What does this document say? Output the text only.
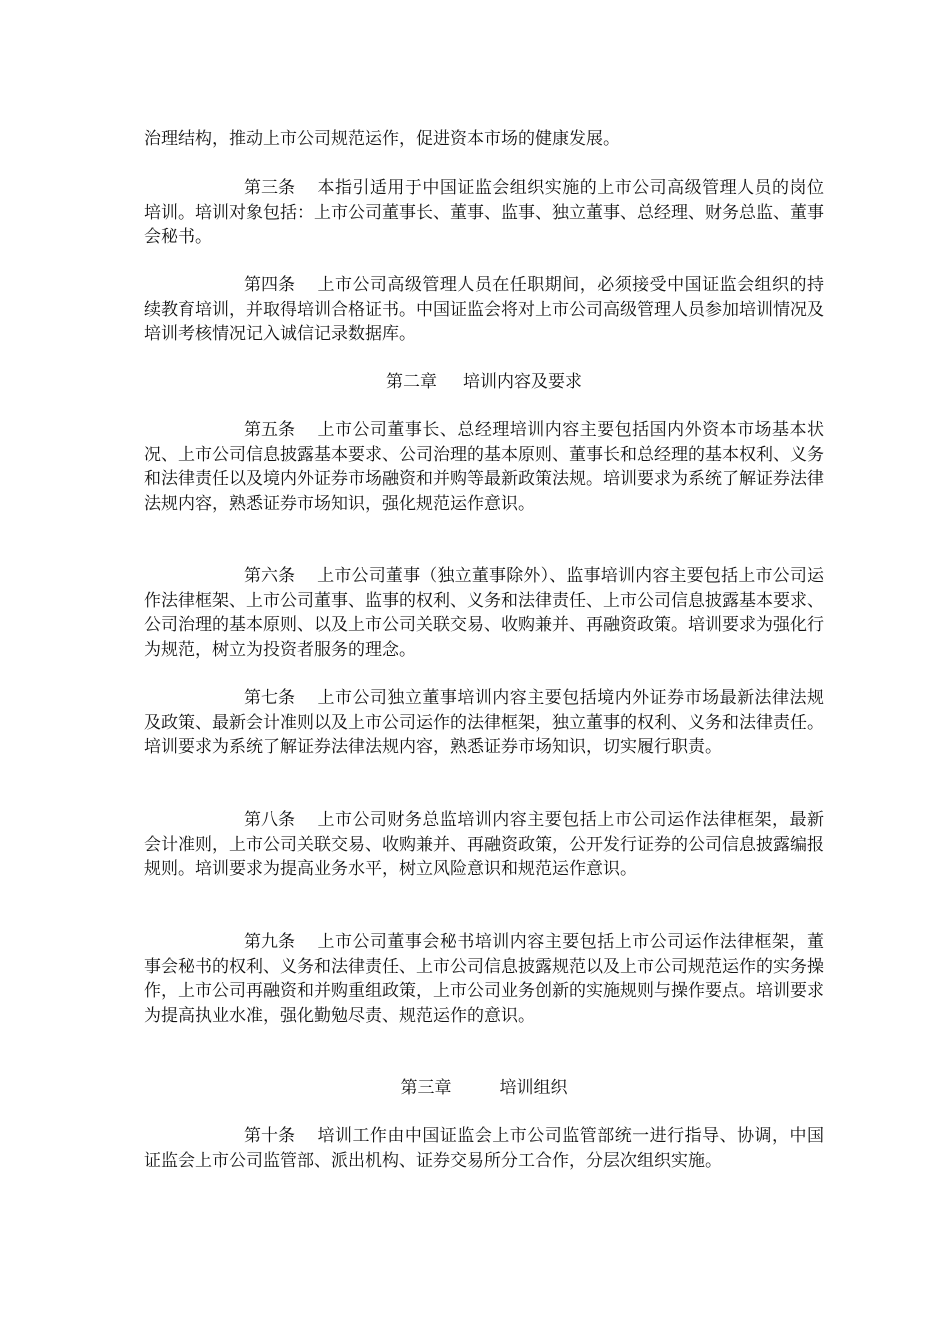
治理结构，推动上市公司规范运作，促进资本市场的健康发展。

第三条 本指引适用于中国证监会组织实施的上市公司高级管理人员的岗位培训。培训对象包括：上市公司董事长、董事、监事、独立董事、总经理、财务总监、董事会秘书。

第四条 上市公司高级管理人员在任职期间，必须接受中国证监会组织的持续教育培训，并取得培训合格证书。中国证监会将对上市公司高级管理人员参加培训情况及培训考核情况记入诚信记录数据库。

第二章 培训内容及要求

第五条 上市公司董事长、总经理培训内容主要包括国内外资本市场基本状况、上市公司信息披露基本要求、公司治理的基本原则、董事长和总经理的基本权利、义务和法律责任以及境内外证券市场融资和并购等最新政策法规。培训要求为系统了解证券法律法规内容，熟悉证券市场知识，强化规范运作意识。

第六条 上市公司董事（独立董事除外）、监事培训内容主要包括上市公司运作法律框架、上市公司董事、监事的权利、义务和法律责任、上市公司信息披露基本要求、公司治理的基本原则、以及上市公司关联交易、收购兼并、再融资政策。培训要求为强化行为规范，树立为投资者服务的理念。

第七条 上市公司独立董事培训内容主要包括境内外证券市场最新法律法规及政策、最新会计准则以及上市公司运作的法律框架，独立董事的权利、义务和法律责任。培训要求为系统了解证券法律法规内容，熟悉证券市场知识，切实履行职责。

第八条 上市公司财务总监培训内容主要包括上市公司运作法律框架，最新会计准则，上市公司关联交易、收购兼并、再融资政策，公开发行证券的公司信息披露编报规则。培训要求为提高业务水平，树立风险意识和规范运作意识。

第九条 上市公司董事会秘书培训内容主要包括上市公司运作法律框架，董事会秘书的权利、义务和法律责任、上市公司信息披露规范以及上市公司规范运作的实务操作，上市公司再融资和并购重组政策，上市公司业务创新的实施规则与操作要点。培训要求为提高执业水准，强化勤勉尽责、规范运作的意识。

第三章	培训组织

第十条 培训工作由中国证监会上市公司监管部统一进行指导、协调，中国证监会上市公司监管部、派出机构、证券交易所分工合作，分层次组织实施。
